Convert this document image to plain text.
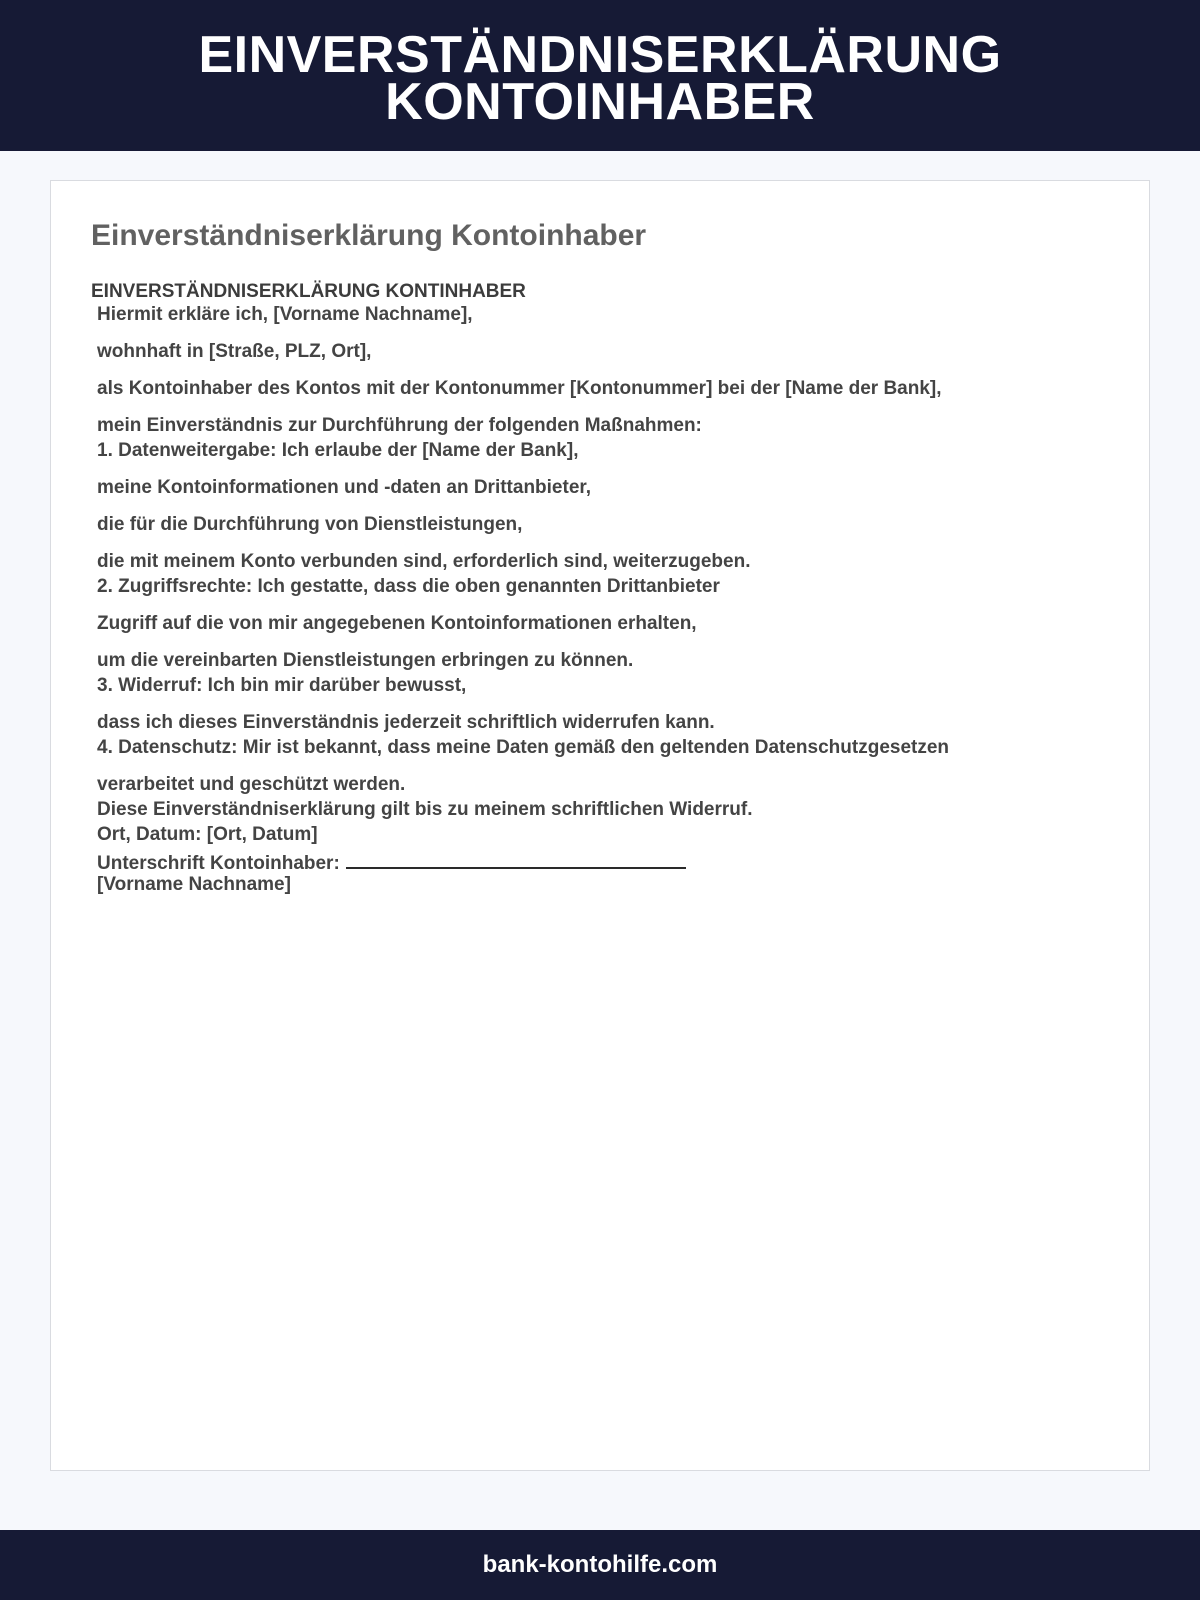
EINVERSTÄNDNISERKLÄRUNG KONTOINHABER
Einverständniserklärung Kontoinhaber
EINVERSTÄNDNISERKLÄRUNG KONTINHABER

Hiermit erkläre ich, [Vorname Nachname],

wohnhaft in [Straße, PLZ, Ort],

als Kontoinhaber des Kontos mit der Kontonummer [Kontonummer] bei der [Name der Bank],

mein Einverständnis zur Durchführung der folgenden Maßnahmen:

1. Datenweitergabe: Ich erlaube der [Name der Bank],

meine Kontoinformationen und -daten an Drittanbieter,

die für die Durchführung von Dienstleistungen,

die mit meinem Konto verbunden sind, erforderlich sind, weiterzugeben.

2. Zugriffsrechte: Ich gestatte, dass die oben genannten Drittanbieter

Zugriff auf die von mir angegebenen Kontoinformationen erhalten,

um die vereinbarten Dienstleistungen erbringen zu können.

3. Widerruf: Ich bin mir darüber bewusst,

dass ich dieses Einverständnis jederzeit schriftlich widerrufen kann.

4. Datenschutz: Mir ist bekannt, dass meine Daten gemäß den geltenden Datenschutzgesetzen

verarbeitet und geschützt werden.

Diese Einverständniserklärung gilt bis zu meinem schriftlichen Widerruf.

Ort, Datum: [Ort, Datum]

Unterschrift Kontoinhaber:

[Vorname Nachname]

bank-kontohilfe.com
